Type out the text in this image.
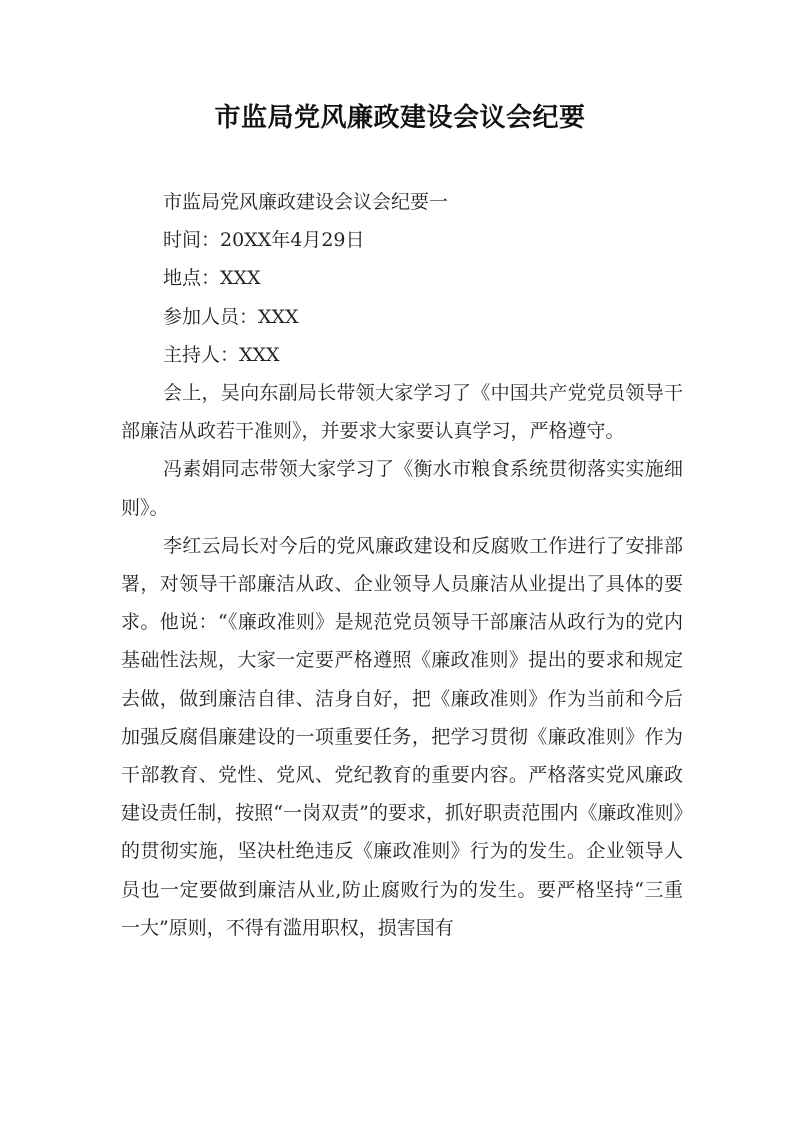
市监局党风廉政建设会议会纪要

市监局党风廉政建设会议会纪要一

时间：20XX年4月29日

地点：XXX

参加人员：XXX

主持人：XXX

会上，吴向东副局长带领大家学习了《中国共产党党员领导干部廉洁从政若干准则》，并要求大家要认真学习，严格遵守。

冯素娟同志带领大家学习了《衡水市粮食系统贯彻落实实施细则》。

李红云局长对今后的党风廉政建设和反腐败工作进行了安排部署，对领导干部廉洁从政、企业领导人员廉洁从业提出了具体的要求。他说：“《廉政准则》是规范党员领导干部廉洁从政行为的党内基础性法规，大家一定要严格遵照《廉政准则》提出的要求和规定去做，做到廉洁自律、洁身自好，把《廉政准则》作为当前和今后加强反腐倡廉建设的一项重要任务，把学习贯彻《廉政准则》作为干部教育、党性、党风、党纪教育的重要内容。严格落实党风廉政建设责任制，按照“一岗双责”的要求，抓好职责范围内《廉政准则》的贯彻实施，坚决杜绝违反《廉政准则》行为的发生。企业领导人员也一定要做到廉洁从业,防止腐败行为的发生。要严格坚持“三重一大”原则，不得有滥用职权，损害国有
